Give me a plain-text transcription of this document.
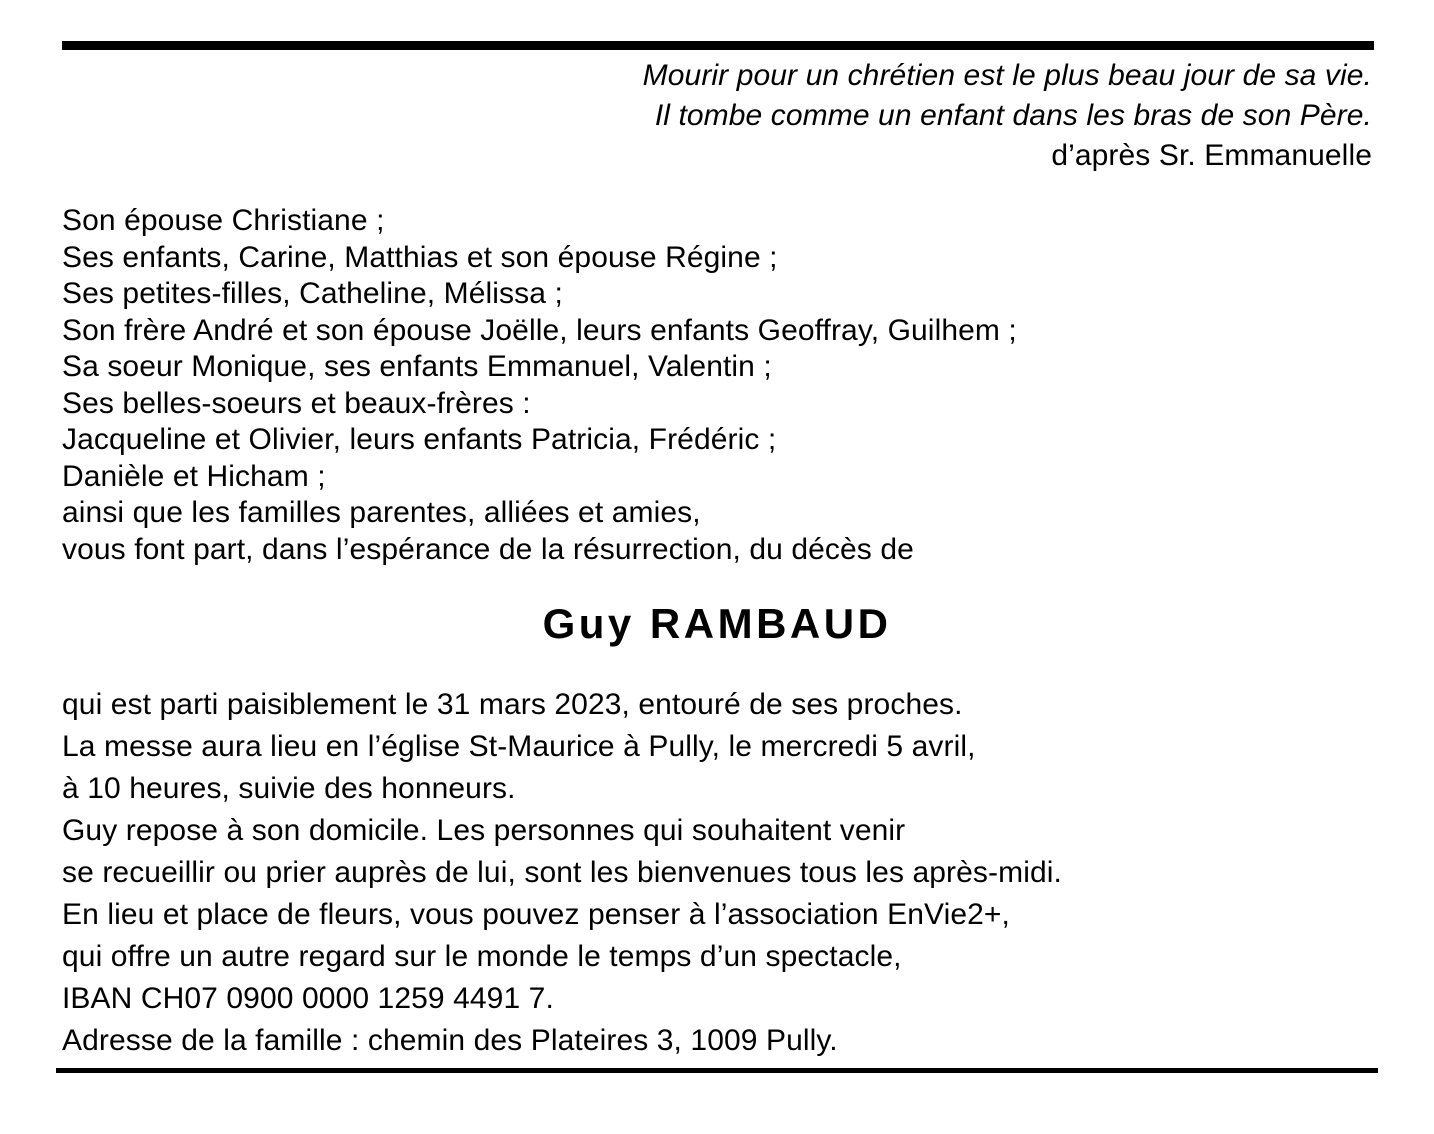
Mourir pour un chrétien est le plus beau jour de sa vie.
Il tombe comme un enfant dans les bras de son Père.
d’après Sr. Emmanuelle
Son épouse Christiane ;
Ses enfants, Carine, Matthias et son épouse Régine ;
Ses petites-filles, Catheline, Mélissa ;
Son frère André et son épouse Joëlle, leurs enfants Geoffray, Guilhem ;
Sa soeur Monique, ses enfants Emmanuel, Valentin ;
Ses belles-soeurs et beaux-frères :
Jacqueline et Olivier, leurs enfants Patricia, Frédéric ;
Danièle et Hicham ;
ainsi que les familles parentes, alliées et amies,
vous font part, dans l’espérance de la résurrection, du décès de
Guy RAMBAUD
qui est parti paisiblement le 31 mars 2023, entouré de ses proches.
La messe aura lieu en l’église St-Maurice à Pully, le mercredi 5 avril,
à 10 heures, suivie des honneurs.
Guy repose à son domicile. Les personnes qui souhaitent venir
se recueillir ou prier auprès de lui, sont les bienvenues tous les après-midi.
En lieu et place de fleurs, vous pouvez penser à l’association EnVie2+,
qui offre un autre regard sur le monde le temps d’un spectacle,
IBAN CH07 0900 0000 1259 4491 7.
Adresse de la famille : chemin des Plateires 3, 1009 Pully.
